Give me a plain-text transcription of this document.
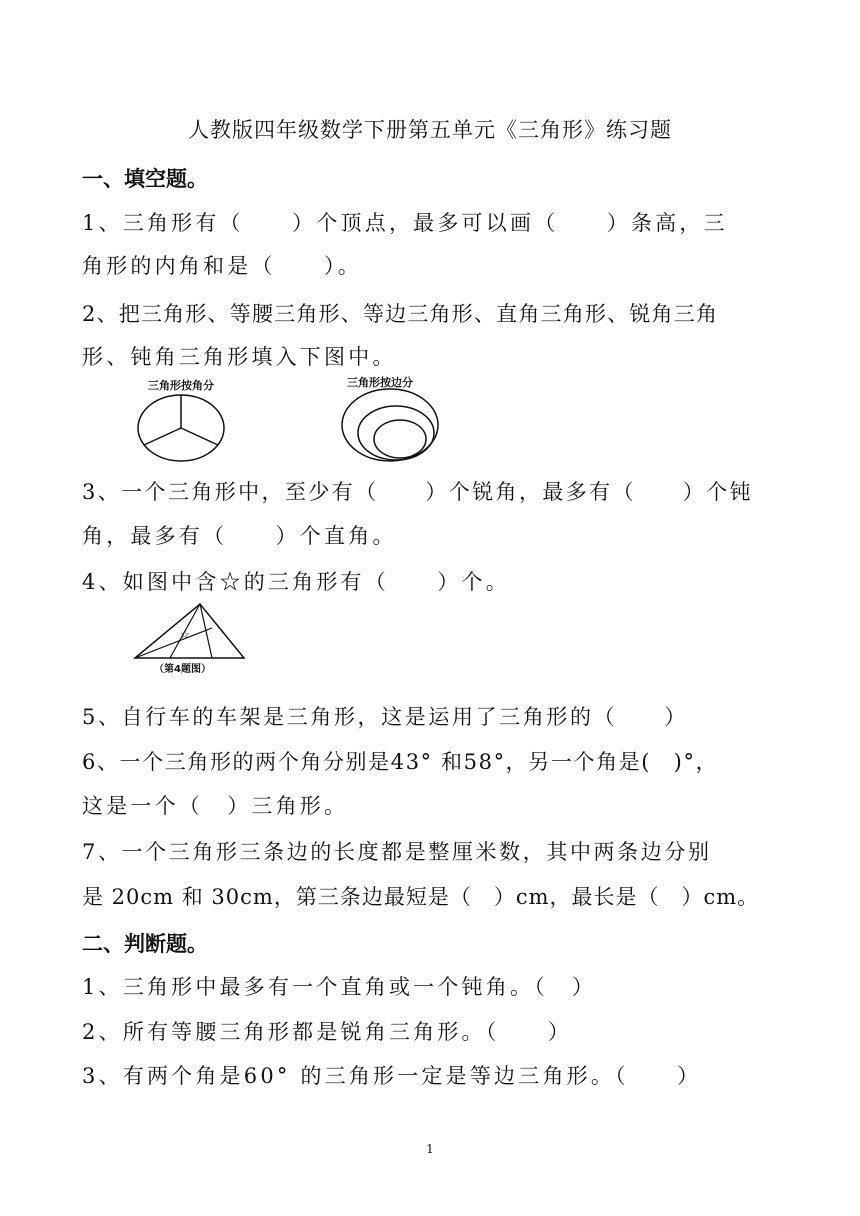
人教版四年级数学下册第五单元《三角形》练习题
一、填空题。
1、三角形有（　　）个顶点，最多可以画（　　）条高，三
角形的内角和是（　　）。
2、把三角形、等腰三角形、等边三角形、直角三角形、锐角三角
形、钝角三角形填入下图中。
三角形按角分	三角形按边分
3、一个三角形中，至少有（　　）个锐角，最多有（　　）个钝
角，最多有（　　）个直角。
4、如图中含☆的三角形有（　　）个。
☆
（第4题图）
5、自行车的车架是三角形，这是运用了三角形的（　　）
6、一个三角形的两个角分别是43° 和58°，另一个角是(　)°，
这是一个（　）三角形。
7、一个三角形三条边的长度都是整厘米数，其中两条边分别
是 20cm 和 30cm，第三条边最短是（　）cm，最长是（　）cm。
二、判断题。
1、三角形中最多有一个直角或一个钝角。（　）
2、所有等腰三角形都是锐角三角形。（　　）
3、有两个角是60° 的三角形一定是等边三角形。（　　）
1
